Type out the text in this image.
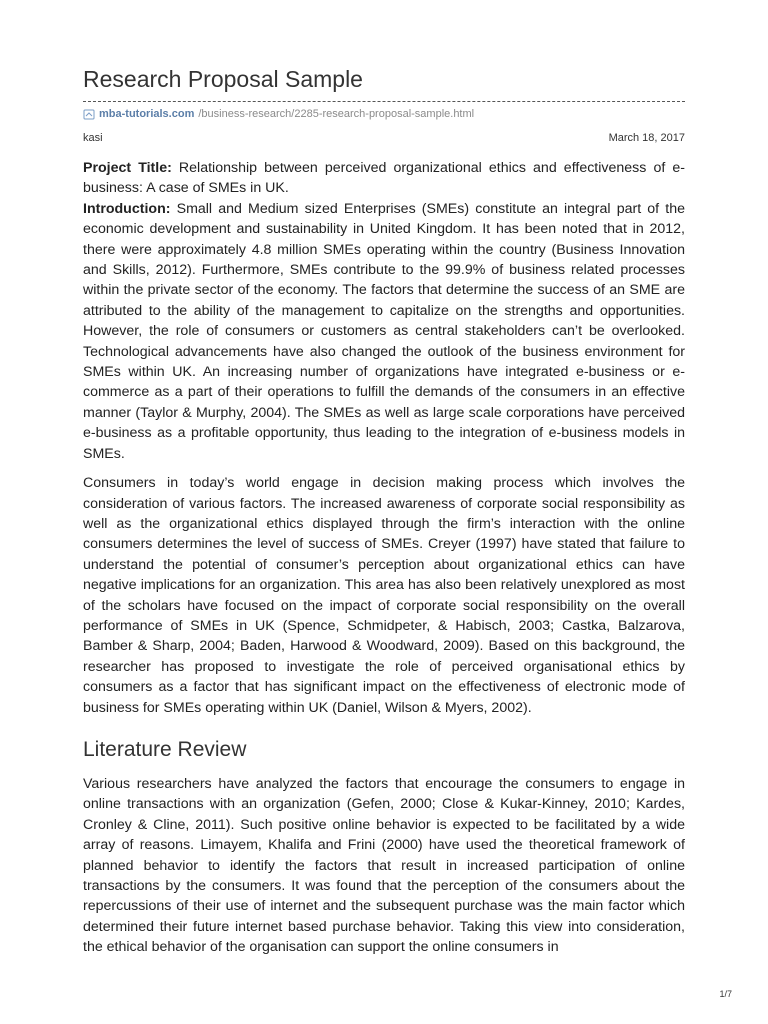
Research Proposal Sample
mba-tutorials.com /business-research/2285-research-proposal-sample.html
kasi	March 18, 2017

Project Title: Relationship between perceived organizational ethics and effectiveness of e-business: A case of SMEs in UK.

Introduction: Small and Medium sized Enterprises (SMEs) constitute an integral part of the economic development and sustainability in United Kingdom. It has been noted that in 2012, there were approximately 4.8 million SMEs operating within the country (Business Innovation and Skills, 2012). Furthermore, SMEs contribute to the 99.9% of business related processes within the private sector of the economy. The factors that determine the success of an SME are attributed to the ability of the management to capitalize on the strengths and opportunities. However, the role of consumers or customers as central stakeholders can’t be overlooked. Technological advancements have also changed the outlook of the business environment for SMEs within UK. An increasing number of organizations have integrated e-business or e-commerce as a part of their operations to fulfill the demands of the consumers in an effective manner (Taylor & Murphy, 2004). The SMEs as well as large scale corporations have perceived e-business as a profitable opportunity, thus leading to the integration of e-business models in SMEs.

Consumers in today’s world engage in decision making process which involves the consideration of various factors. The increased awareness of corporate social responsibility as well as the organizational ethics displayed through the firm’s interaction with the online consumers determines the level of success of SMEs. Creyer (1997) have stated that failure to understand the potential of consumer’s perception about organizational ethics can have negative implications for an organization. This area has also been relatively unexplored as most of the scholars have focused on the impact of corporate social responsibility on the overall performance of SMEs in UK (Spence, Schmidpeter, & Habisch, 2003; Castka, Balzarova, Bamber & Sharp, 2004; Baden, Harwood & Woodward, 2009). Based on this background, the researcher has proposed to investigate the role of perceived organisational ethics by consumers as a factor that has significant impact on the effectiveness of electronic mode of business for SMEs operating within UK (Daniel, Wilson & Myers, 2002).

Literature Review

Various researchers have analyzed the factors that encourage the consumers to engage in online transactions with an organization (Gefen, 2000; Close & Kukar-Kinney, 2010; Kardes, Cronley & Cline, 2011). Such positive online behavior is expected to be facilitated by a wide array of reasons. Limayem, Khalifa and Frini (2000) have used the theoretical framework of planned behavior to identify the factors that result in increased participation of online transactions by the consumers. It was found that the perception of the consumers about the repercussions of their use of internet and the subsequent purchase was the main factor which determined their future internet based purchase behavior. Taking this view into consideration, the ethical behavior of the organisation can support the online consumers in

1/7
